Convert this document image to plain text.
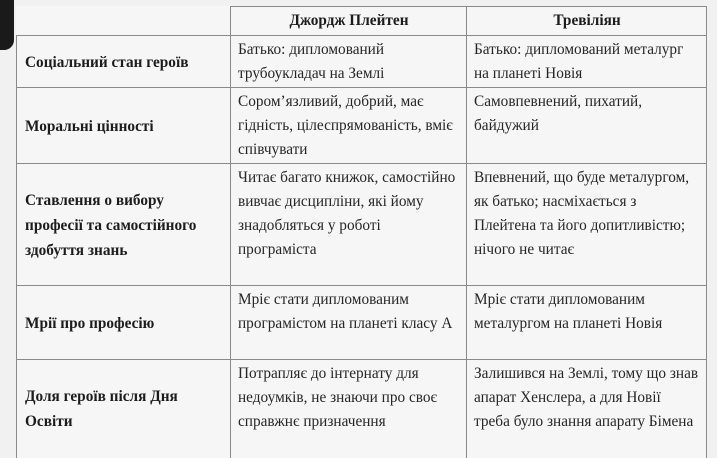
	Джордж Плейтен	Тревіліян
Соціальний стан героїв	Батько: дипломований трубоукладач на Землі	Батько: дипломований металург на планеті Новія
Моральні цінності	Сором’язливий, добрий, має гідність, цілеспрямованість, вміє співчувати	Самовпевнений, пихатий, байдужий
Ставлення о вибору професії та самостійного здобуття знань	Читає багато книжок, самостійно вивчає дисципліни, які йому знадобляться у роботі програміста	Впевнений, що буде металургом, як батько; насміхається з Плейтена та його допитливістю; нічого не читає
Мрії про професію	Мріє стати дипломованим програмістом на планеті класу А	Мріє стати дипломованим металургом на планеті Новія
Доля героїв після Дня Освіти	Потрапляє до інтернату для недоумків, не знаючи про своє справжнє призначення	Залишився на Землі, тому що знав апарат Хенслера, а для Новії треба було знання апарату Бімена
